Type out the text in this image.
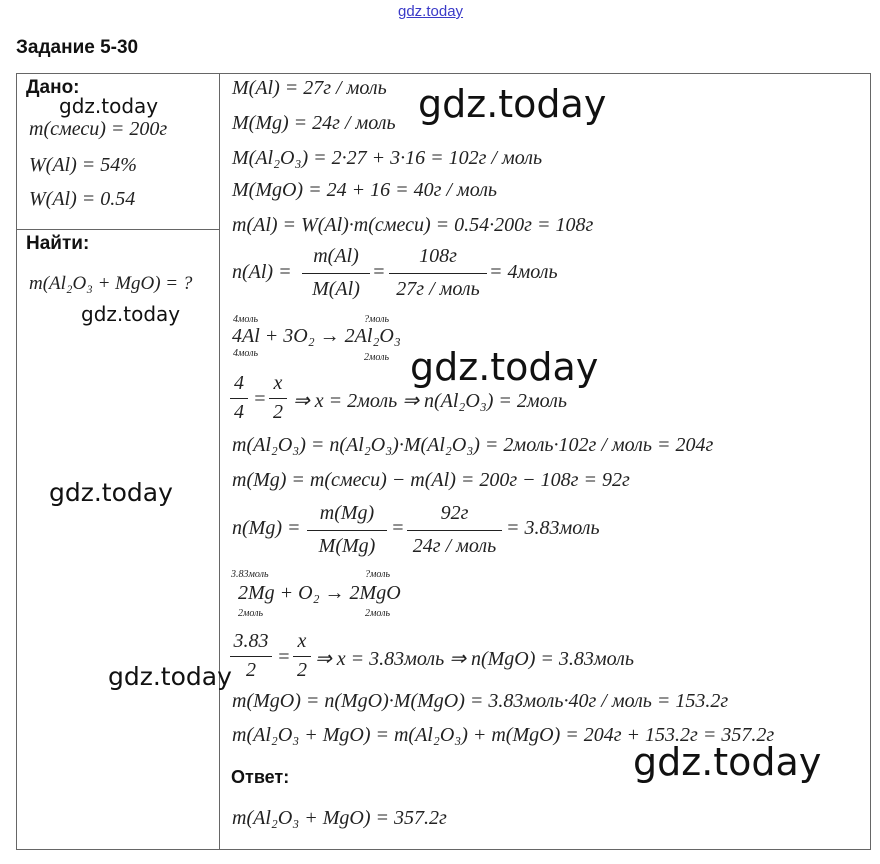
gdz.today
Задание 5-30
Дано:
gdz.today
m(смеси) = 200г
W(Al) = 54%
W(Al) = 0.54
Найти:
m(Al₂O₃ + MgO) = ?
gdz.today
M(Al) = 27г / моль
M(Mg) = 24г / моль
M(Al₂O₃) = 2·27 + 3·16 = 102г / моль
M(MgO) = 24 + 16 = 40г / моль
m(Al) = W(Al)·m(смеси) = 0.54·200г = 108г
n(Al) =
m(Al)
M(Al)
=
108г
27г / моль
= 4моль
4моль	?моль
4Al + 3O₂ → 2Al₂O₃
4моль	2моль
4
4
=
x
2 ⇒ x = 2моль ⇒ n(Al₂O₃) = 2моль
m(Al₂O₃) = n(Al₂O₃)·M(Al₂O₃) = 2моль·102г / моль = 204г
m(Mg) = m(смеси) − m(Al) = 200г − 108г = 92г
n(Mg) =
m(Mg)
M(Mg)
=
92г
24г / моль
= 3.83моль
3.83моль	?моль
2Mg + O₂ → 2MgO
2моль	2моль
3.83
2
=
x
2 ⇒ x = 3.83моль ⇒ n(MgO) = 3.83моль
m(MgO) = n(MgO)·M(MgO) = 3.83моль·40г / моль = 153.2г
m(Al₂O₃ + MgO) = m(Al₂O₃) + m(MgO) = 204г + 153.2г = 357.2г
Ответ:
m(Al₂O₃ + MgO) = 357.2г
gdz.today
gdz.today
gdz.today
gdz.today
gdz.today
